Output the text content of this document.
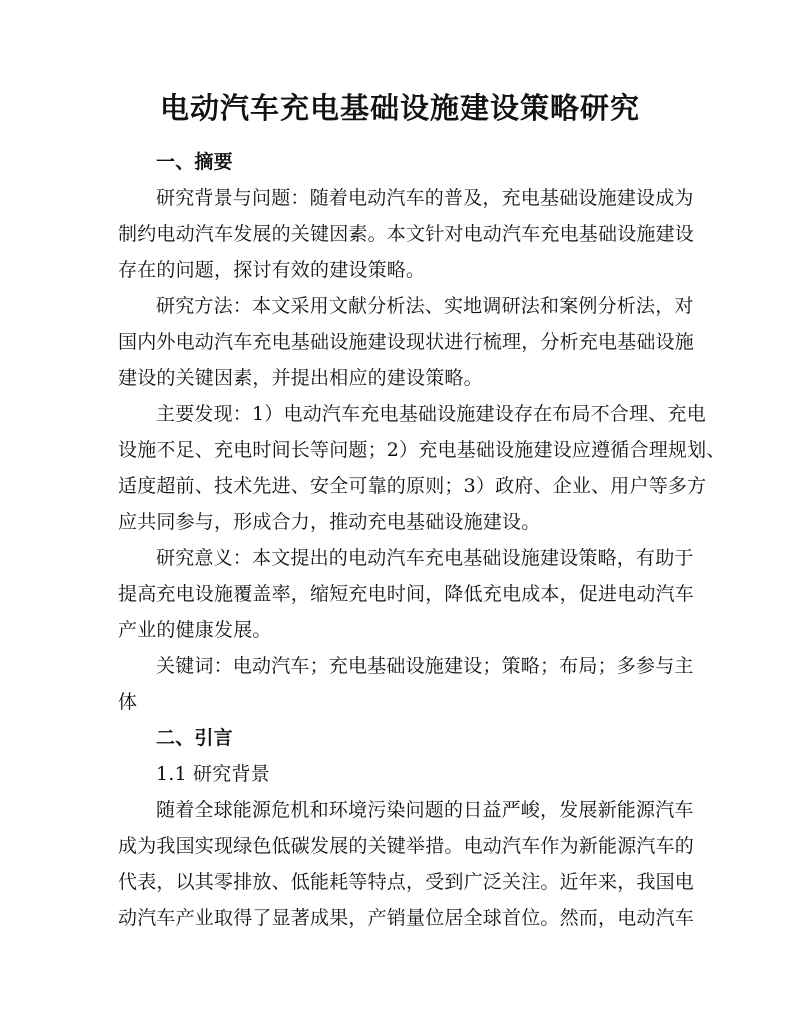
电动汽车充电基础设施建设策略研究
一、摘要
研究背景与问题：随着电动汽车的普及，充电基础设施建设成为
制约电动汽车发展的关键因素。本文针对电动汽车充电基础设施建设
存在的问题，探讨有效的建设策略。
研究方法：本文采用文献分析法、实地调研法和案例分析法，对
国内外电动汽车充电基础设施建设现状进行梳理，分析充电基础设施
建设的关键因素，并提出相应的建设策略。
主要发现：1）电动汽车充电基础设施建设存在布局不合理、充电
设施不足、充电时间长等问题；2）充电基础设施建设应遵循合理规划、
适度超前、技术先进、安全可靠的原则；3）政府、企业、用户等多方
应共同参与，形成合力，推动充电基础设施建设。
研究意义：本文提出的电动汽车充电基础设施建设策略，有助于
提高充电设施覆盖率，缩短充电时间，降低充电成本，促进电动汽车
产业的健康发展。
关键词：电动汽车；充电基础设施建设；策略；布局；多参与主
体
二、引言
1.1 研究背景
随着全球能源危机和环境污染问题的日益严峻，发展新能源汽车
成为我国实现绿色低碳发展的关键举措。电动汽车作为新能源汽车的
代表，以其零排放、低能耗等特点，受到广泛关注。近年来，我国电
动汽车产业取得了显著成果，产销量位居全球首位。然而，电动汽车
